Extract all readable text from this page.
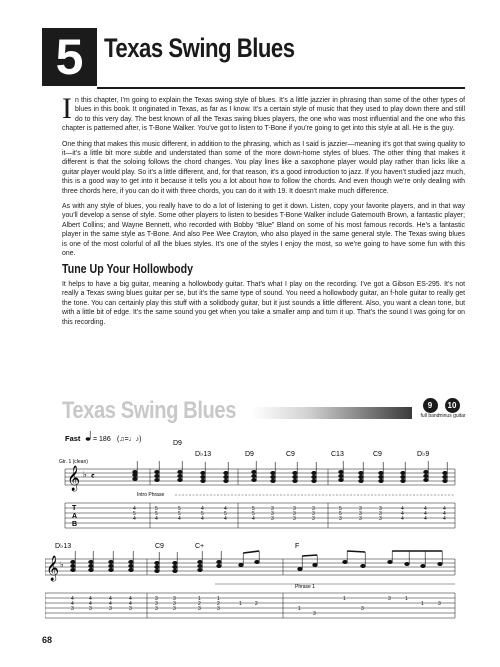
5 Texas Swing Blues

In this chapter, I’m going to explain the Texas swing style of blues. It’s a little jazzier in phrasing than some of the other types of blues in this book. It originated in Texas, as far as I know. It’s a certain style of music that they used to play down there and still do to this very day. The best known of all the Texas swing blues players, the one who was most influential and the one who this chapter is patterned after, is T-Bone Walker. You’ve got to listen to T-Bone if you’re going to get into this style at all. He is the guy.

One thing that makes this music different, in addition to the phrasing, which as I said is jazzier—meaning it’s got that swing quality to it—it’s a little bit more subtle and understated than some of the more down-home styles of blues. The other thing that makes it different is that the soloing follows the chord changes. You play lines like a saxophone player would play rather than licks like a guitar player would play. So it’s a little different, and, for that reason, it’s a good introduction to jazz. If you haven’t studied jazz much, this is a good way to get into it because it tells you a lot about how to follow the chords. And even though we’re only dealing with three chords here, if you can do it with three chords, you can do it with 19. It doesn’t make much difference.

As with any style of blues, you really have to do a lot of listening to get it down. Listen, copy your favorite players, and in that way you’ll develop a sense of style. Some other players to listen to besides T-Bone Walker include Gatemouth Brown, a fantastic player; Albert Collins; and Wayne Bennett, who recorded with Bobby “Blue” Bland on some of his most famous records. He’s a fantastic player in the same style as T-Bone. And also Pee Wee Crayton, who also played in the same general style. The Texas swing blues is one of the most colorful of all the blues styles. It’s one of the styles I enjoy the most, so we’re going to have some fun with this one.

Tune Up Your Hollowbody

It helps to have a big guitar, meaning a hollowbody guitar. That’s what I play on the recording. I’ve got a Gibson ES-295. It’s not really a Texas swing blues guitar per se, but it’s the same type of sound. You need a hollowbody guitar, an f-hole guitar to really get the tone. You can certainly play this stuff with a solidbody guitar, but it just sounds a little different. Also, you want a clean tone, but with a little bit of edge. It’s the same sound you get when you take a smaller amp and turn it up. That’s the sound I was going for on this recording.

Texas Swing Blues	9
full band
10
minus guitar
Fast = 186 (♫=♩♪)
Gtr. 1 (clean)
D9
D♭13	D9	C9	C13	C9	D♭9
𝄞 ♭ 𝄴
Intro Phrase
T
A
B
4
5
4
5
5
4
5
5
4
4
5
4
4
5
4
5
5
4
3
3
3
3
3
3
3
3
3
5
5
3
3
3
3
3
3
3
4
4
4
4
4
4
4
4
4
D♭13	C9	C+	F
𝄞 ♭
Phrase 1
4
4
3
4
4
3
4
4
3
4
4
3
3
3
3
3
3
3
1
2
3
1
2
3
1	2
1
3
1
3
3	1
1	3
68
